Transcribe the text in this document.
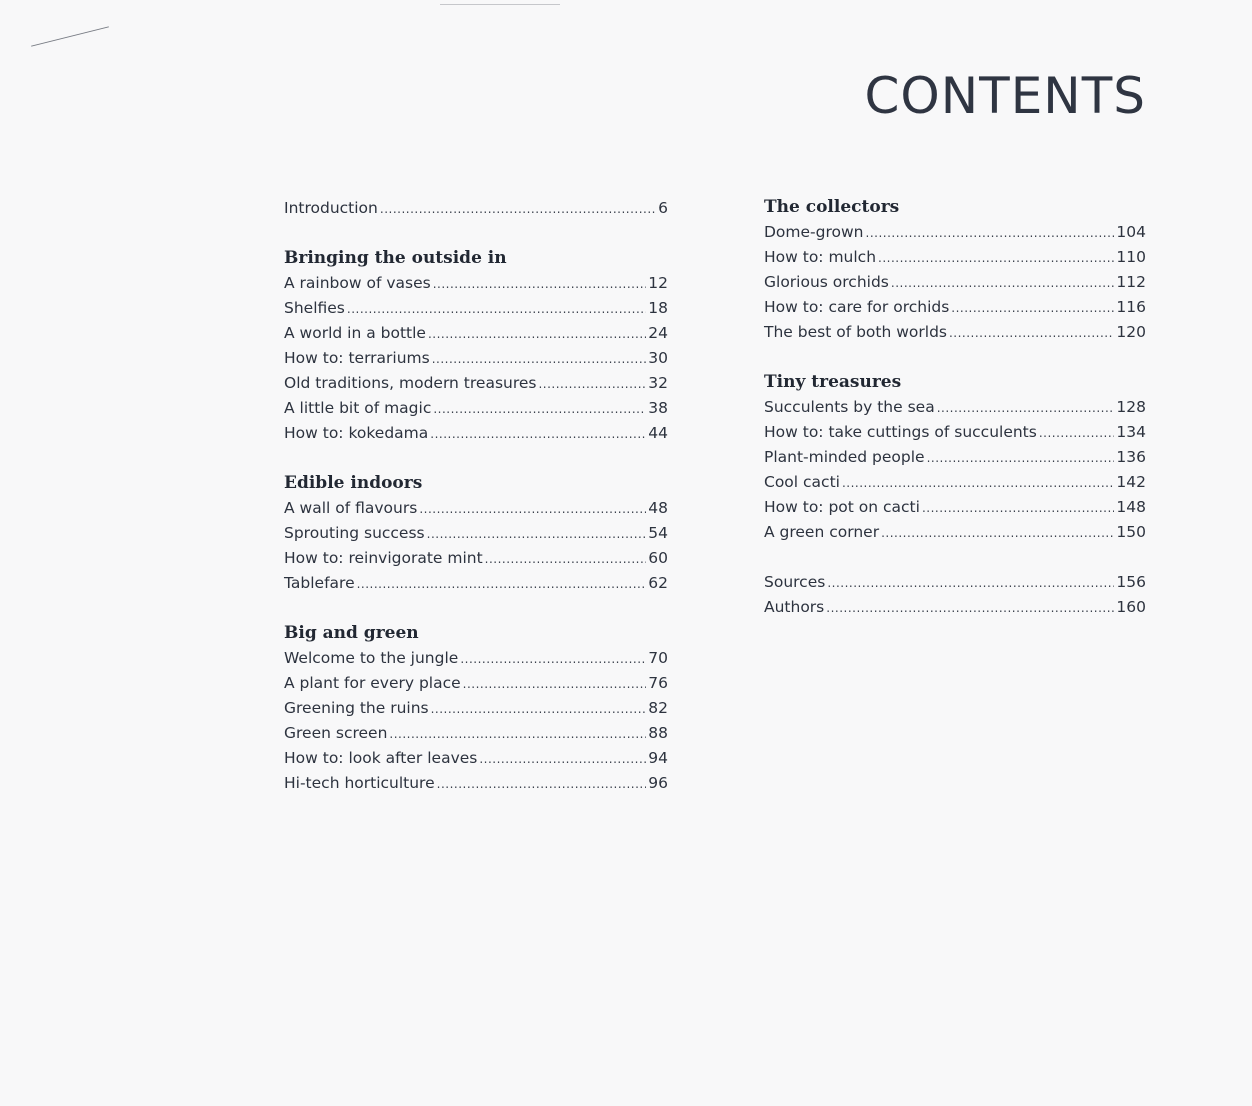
CONTENTS
Introduction .....	6
Bringing the outside in
A rainbow of vases .....	12
Shelfies .....	18
A world in a bottle .....	24
How to: terrariums .....	30
Old traditions, modern treasures .....	32
A little bit of magic .....	38
How to: kokedama .....	44
Edible indoors
A wall of flavours .....	48
Sprouting success .....	54
How to: reinvigorate mint .....	60
Tablefare .....	62
Big and green
Welcome to the jungle .....	70
A plant for every place .....	76
Greening the ruins .....	82
Green screen .....	88
How to: look after leaves .....	94
Hi-tech horticulture .....	96
The collectors
Dome-grown .....	104
How to: mulch .....	110
Glorious orchids .....	112
How to: care for orchids .....	116
The best of both worlds .....	120
Tiny treasures
Succulents by the sea .....	128
How to: take cuttings of succulents .....	134
Plant-minded people .....	136
Cool cacti .....	142
How to: pot on cacti .....	148
A green corner .....	150
Sources .....	156
Authors .....	160
